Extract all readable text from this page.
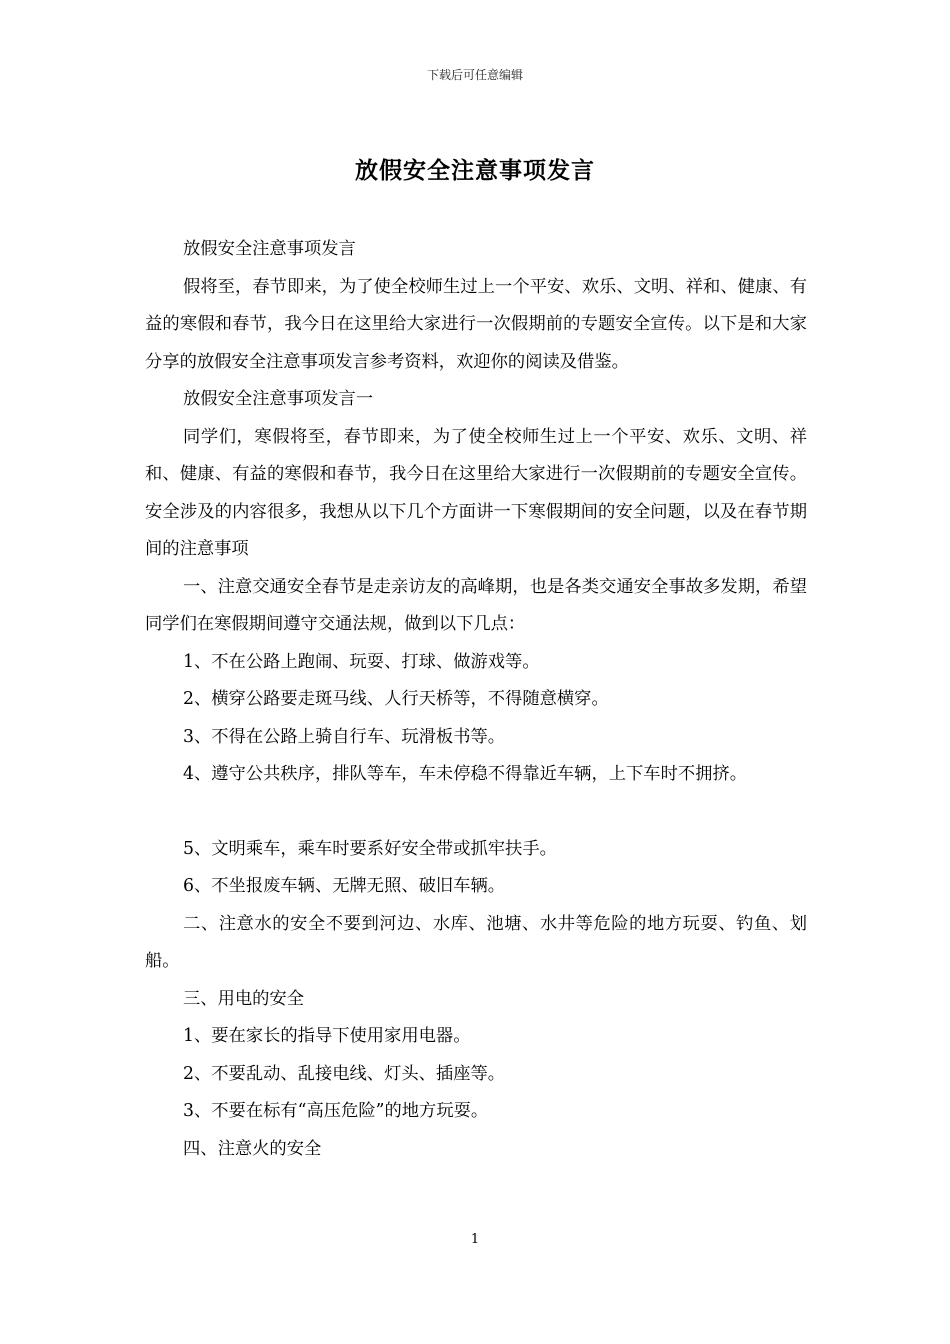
下载后可任意编辑
放假安全注意事项发言

放假安全注意事项发言

假将至，春节即来，为了使全校师生过上一个平安、欢乐、文明、祥和、健康、有益的寒假和春节，我今日在这里给大家进行一次假期前的专题安全宣传。以下是和大家分享的放假安全注意事项发言参考资料，欢迎你的阅读及借鉴。

放假安全注意事项发言一

同学们，寒假将至，春节即来，为了使全校师生过上一个平安、欢乐、文明、祥和、健康、有益的寒假和春节，我今日在这里给大家进行一次假期前的专题安全宣传。安全涉及的内容很多，我想从以下几个方面讲一下寒假期间的安全问题，以及在春节期间的注意事项

一、注意交通安全春节是走亲访友的高峰期，也是各类交通安全事故多发期，希望同学们在寒假期间遵守交通法规，做到以下几点：

1、不在公路上跑闹、玩耍、打球、做游戏等。

2、横穿公路要走斑马线、人行天桥等，不得随意横穿。

3、不得在公路上骑自行车、玩滑板书等。

4、遵守公共秩序，排队等车，车未停稳不得靠近车辆，上下车时不拥挤。

5、文明乘车，乘车时要系好安全带或抓牢扶手。

6、不坐报废车辆、无牌无照、破旧车辆。

二、注意水的安全不要到河边、水库、池塘、水井等危险的地方玩耍、钓鱼、划船。

三、用电的安全

1、要在家长的指导下使用家用电器。

2、不要乱动、乱接电线、灯头、插座等。

3、不要在标有“高压危险”的地方玩耍。

四、注意火的安全

1
